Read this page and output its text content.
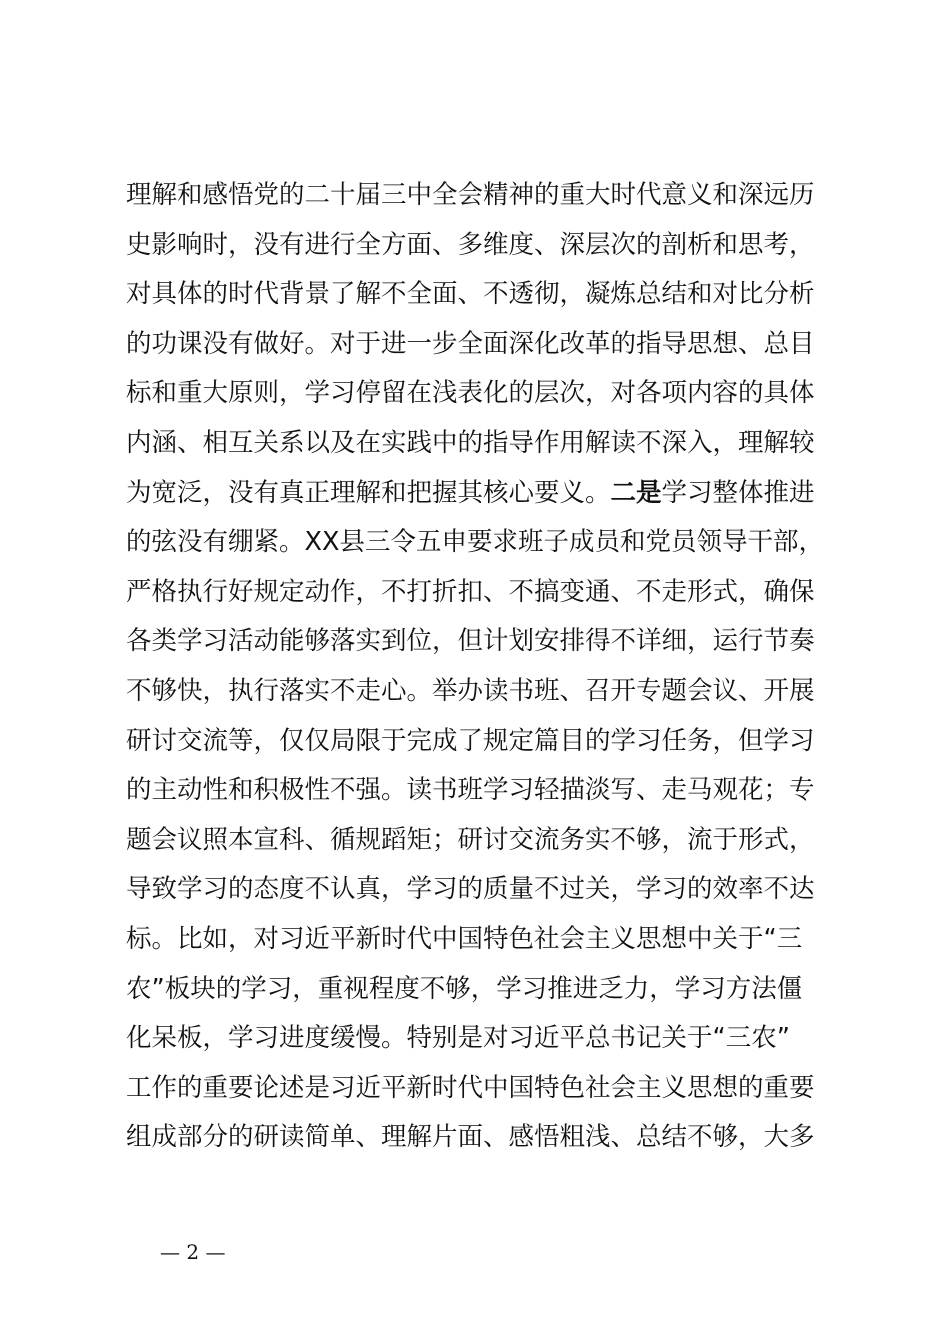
理解和感悟党的二十届三中全会精神的重大时代意义和深远历
史影响时，没有进行全方面、多维度、深层次的剖析和思考，
对具体的时代背景了解不全面、不透彻，凝炼总结和对比分析
的功课没有做好。对于进一步全面深化改革的指导思想、总目
标和重大原则，学习停留在浅表化的层次，对各项内容的具体
内涵、相互关系以及在实践中的指导作用解读不深入，理解较
为宽泛，没有真正理解和把握其核心要义。二是学习整体推进
的弦没有绷紧。XX县三令五申要求班子成员和党员领导干部，
严格执行好规定动作，不打折扣、不搞变通、不走形式，确保
各类学习活动能够落实到位，但计划安排得不详细，运行节奏
不够快，执行落实不走心。举办读书班、召开专题会议、开展
研讨交流等，仅仅局限于完成了规定篇目的学习任务，但学习
的主动性和积极性不强。读书班学习轻描淡写、走马观花；专
题会议照本宣科、循规蹈矩；研讨交流务实不够，流于形式，
导致学习的态度不认真，学习的质量不过关，学习的效率不达
标。比如，对习近平新时代中国特色社会主义思想中关于“三
农”板块的学习，重视程度不够，学习推进乏力，学习方法僵
化呆板，学习进度缓慢。特别是对习近平总书记关于“三农”
工作的重要论述是习近平新时代中国特色社会主义思想的重要
组成部分的研读简单、理解片面、感悟粗浅、总结不够，大多
— 2 —
